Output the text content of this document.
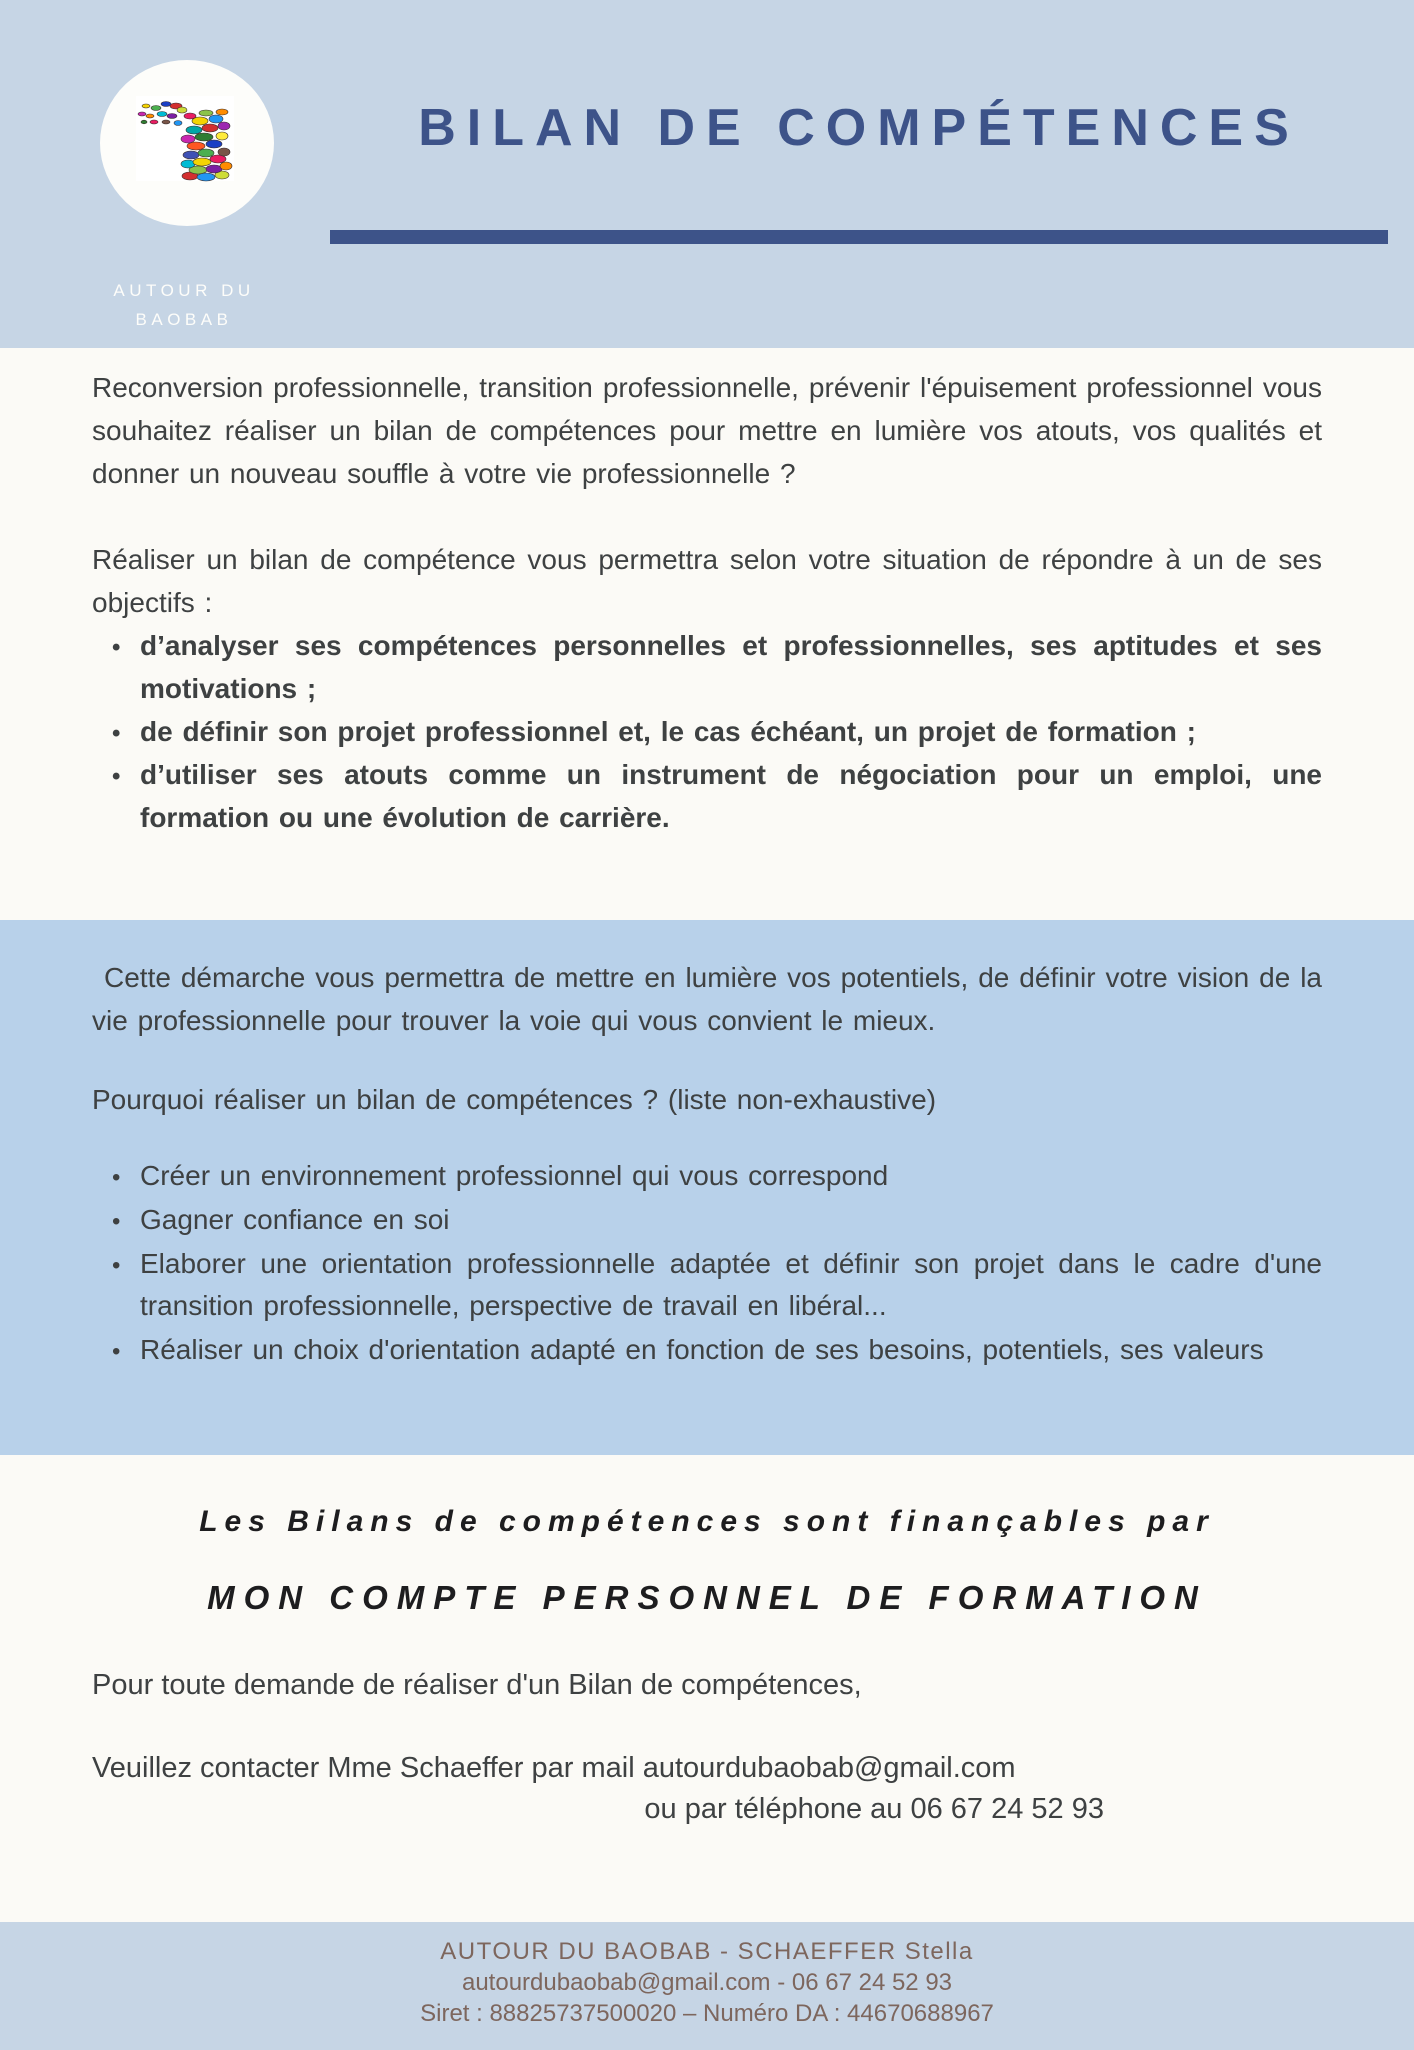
AUTOUR DU
BAOBAB
BILAN DE COMPÉTENCES

Reconversion professionnelle, transition professionnelle, prévenir l'épuisement professionnel vous souhaitez réaliser un bilan de compétences pour mettre en lumière vos atouts, vos qualités et donner un nouveau souffle à votre vie professionnelle ?

Réaliser un bilan de compétence vous permettra selon votre situation de répondre à un de ses objectifs :

•
d’analyser ses compétences personnelles et professionnelles, ses aptitudes et ses motivations ;
•
de définir son projet professionnel et, le cas échéant, un projet de formation ;
•
d’utiliser ses atouts comme un instrument de négociation pour un emploi, une formation ou une évolution de carrière.

Cette démarche vous permettra de mettre en lumière vos potentiels, de définir votre vision de la vie professionnelle pour trouver la voie qui vous convient le mieux.

Pourquoi réaliser un bilan de compétences ? (liste non-exhaustive)

•
Créer un environnement professionnel qui vous correspond
•
Gagner confiance en soi
•
Elaborer une orientation professionnelle adaptée et définir son projet dans le cadre d'une transition professionnelle, perspective de travail en libéral...
•
Réaliser un choix d'orientation adapté en fonction de ses besoins, potentiels, ses valeurs

Les Bilans de compétences sont finançables par

MON COMPTE PERSONNEL DE FORMATION

Pour toute demande de réaliser d'un Bilan de compétences,

Veuillez contacter Mme Schaeffer par mail autourdubaobab@gmail.com

ou par téléphone au 06 67 24 52 93

AUTOUR DU BAOBAB - SCHAEFFER Stella
autourdubaobab@gmail.com - 06 67 24 52 93
Siret : 88825737500020 – Numéro DA : 44670688967
